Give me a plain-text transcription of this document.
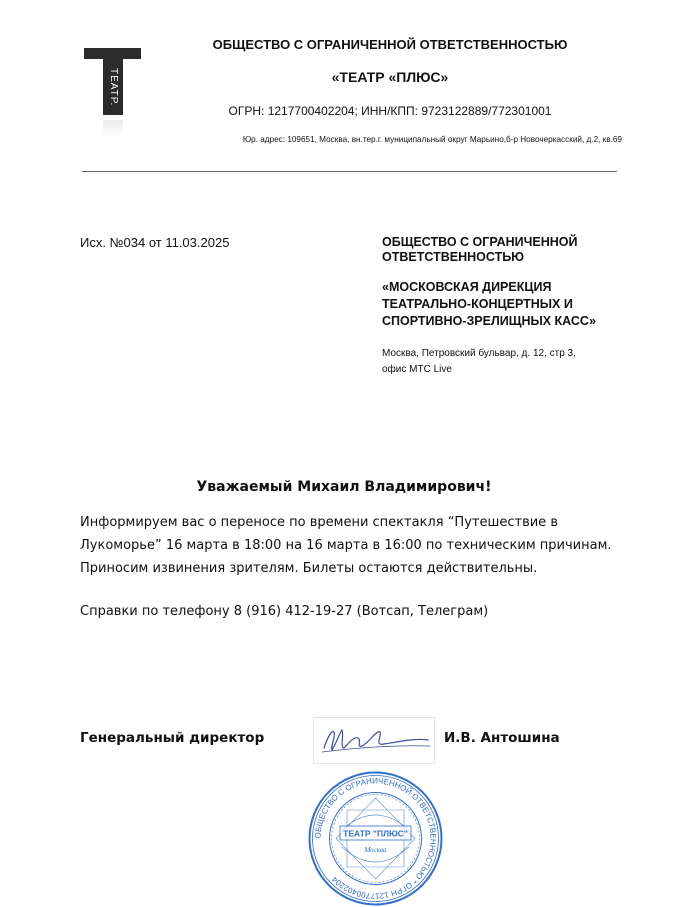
ТЕАТР.
ОБЩЕСТВО С ОГРАНИЧЕННОЙ ОТВЕТСТВЕННОСТЬЮ
«ТЕАТР «ПЛЮС»
ОГРН: 1217700402204; ИНН/КПП: 9723122889/772301001
Юр. адрес: 109651, Москва, вн.тер.г. муниципальный округ Марьино,б-р Новочеркасский, д.2, кв.69
Исх. №034 от 11.03.2025	ОБЩЕСТВО С ОГРАНИЧЕННОЙ ОТВЕТСТВЕННОСТЬЮ

«МОСКОВСКАЯ ДИРЕКЦИЯ ТЕАТРАЛЬНО-КОНЦЕРТНЫХ И СПОРТИВНО-ЗРЕЛИЩНЫХ КАСС»

Москва, Петровский бульвар, д. 12, стр 3,

офис МТС Live

Уважаемый Михаил Владимирович!
Информируем вас о переносе по времени спектакля “Путешествие в Лукоморье” 16 марта в 18:00 на 16 марта в 16:00 по техническим причинам. Приносим извинения зрителям. Билеты остаются действительны.
Справки по телефону 8 (916) 412-19-27 (Вотсап, Телеграм)
Генеральный директор	И.В. Антошина
ОБЩЕСТВО С ОГРАНИЧЕННОЙ ОТВЕТСТВЕННОСТЬЮ * ОГРН 1217700402204
ТЕАТР "ПЛЮС"
Москва
